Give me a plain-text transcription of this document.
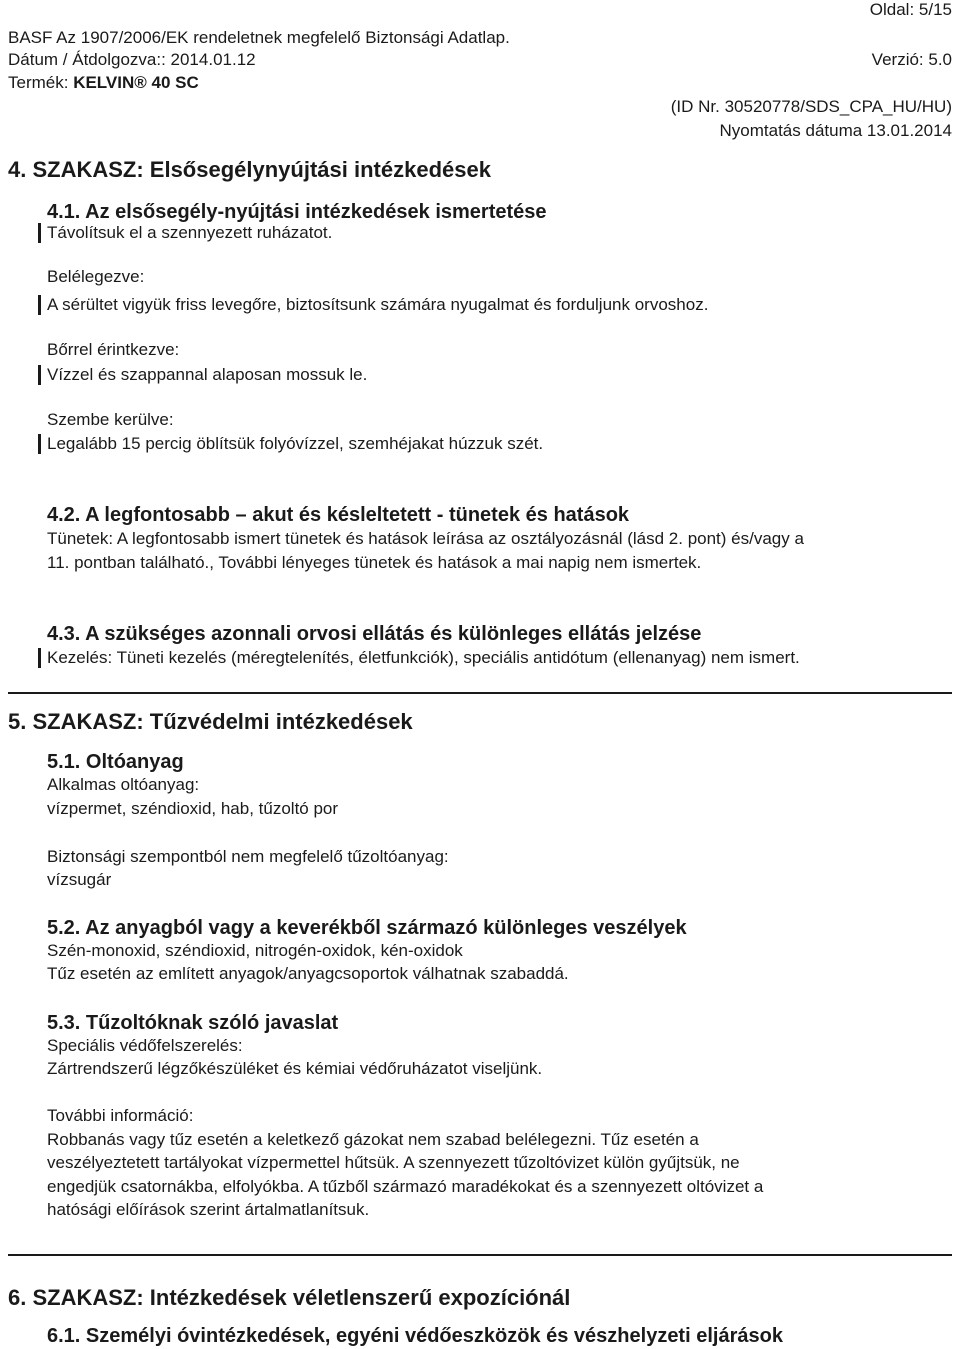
Oldal: 5/15
BASF Az 1907/2006/EK rendeletnek megfelelő Biztonsági Adatlap.
Dátum / Átdolgozva:: 2014.01.12	Verzió: 5.0
Termék: KELVIN® 40 SC
(ID Nr. 30520778/SDS_CPA_HU/HU)
Nyomtatás dátuma 13.01.2014
4. SZAKASZ: Elsősegélynyújtási intézkedések
4.1. Az elsősegély-nyújtási intézkedések ismertetése
Távolítsuk el a szennyezett ruházatot.
Belélegezve:
A sérültet vigyük friss levegőre, biztosítsunk számára nyugalmat és forduljunk orvoshoz.
Bőrrel érintkezve:
Vízzel és szappannal alaposan mossuk le.
Szembe kerülve:
Legalább 15 percig öblítsük folyóvízzel, szemhéjakat húzzuk szét.
4.2. A legfontosabb – akut és késleltetett - tünetek és hatások
Tünetek: A legfontosabb ismert tünetek és hatások leírása az osztályozásnál (lásd 2. pont) és/vagy a
11. pontban található., További lényeges tünetek és hatások a mai napig nem ismertek.
4.3. A szükséges azonnali orvosi ellátás és különleges ellátás jelzése
Kezelés: Tüneti kezelés (méregtelenítés, életfunkciók), speciális antidótum (ellenanyag) nem ismert.
5. SZAKASZ: Tűzvédelmi intézkedések
5.1. Oltóanyag
Alkalmas oltóanyag:
vízpermet, széndioxid, hab, tűzoltó por
Biztonsági szempontból nem megfelelő tűzoltóanyag:
vízsugár
5.2. Az anyagból vagy a keverékből származó különleges veszélyek
Szén-monoxid, széndioxid, nitrogén-oxidok, kén-oxidok
Tűz esetén az említett anyagok/anyagcsoportok válhatnak szabaddá.
5.3. Tűzoltóknak szóló javaslat
Speciális védőfelszerelés:
Zártrendszerű légzőkészüléket és kémiai védőruházatot viseljünk.
További információ:
Robbanás vagy tűz esetén a keletkező gázokat nem szabad belélegezni. Tűz esetén a
veszélyeztetett tartályokat vízpermettel hűtsük. A szennyezett tűzoltóvizet külön gyűjtsük, ne
engedjük csatornákba, elfolyókba. A tűzből származó maradékokat és a szennyezett oltóvizet a
hatósági előírások szerint ártalmatlanítsuk.
6. SZAKASZ: Intézkedések véletlenszerű expozíciónál
6.1. Személyi óvintézkedések, egyéni védőeszközök és vészhelyzeti eljárások
